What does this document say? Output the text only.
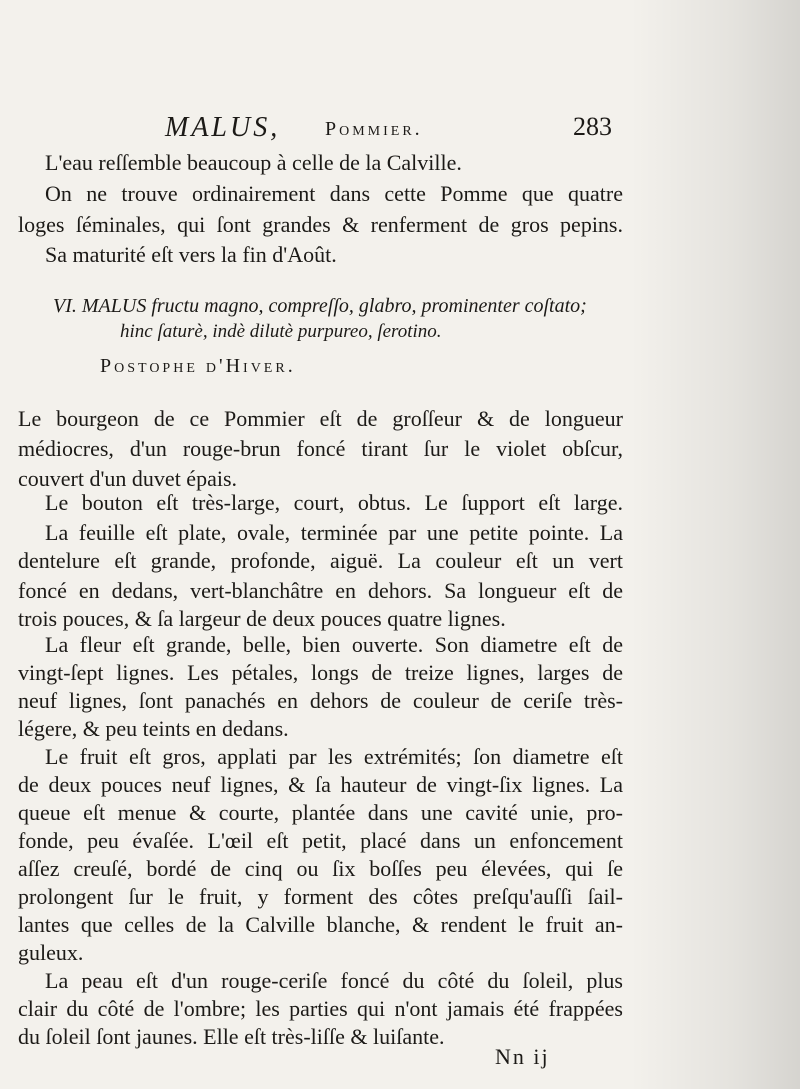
MALUS, Pommier.	283
L'eau reſſemble beaucoup à celle de la Calville.
On ne trouve ordinairement dans cette Pomme que quatre
loges ſéminales, qui ſont grandes & renferment de gros pepins.
Sa maturité eſt vers la fin d'Août.
VI. MALUS fructu magno, compreſſo, glabro, prominenter coſtato;
hinc ſaturè, indè dilutè purpureo, ſerotino.
Postophe d'Hiver.
Le bourgeon de ce Pommier eſt de groſſeur & de longueur
médiocres, d'un rouge-brun foncé tirant ſur le violet obſcur,
couvert d'un duvet épais.
Le bouton eſt très-large, court, obtus. Le ſupport eſt large.
La feuille eſt plate, ovale, terminée par une petite pointe. La
dentelure eſt grande, profonde, aiguë. La couleur eſt un vert
foncé en dedans, vert-blanchâtre en dehors. Sa longueur eſt de
trois pouces, & ſa largeur de deux pouces quatre lignes.
La fleur eſt grande, belle, bien ouverte. Son diametre eſt de
vingt-ſept lignes. Les pétales, longs de treize lignes, larges de
neuf lignes, ſont panachés en dehors de couleur de ceriſe très-
légere, & peu teints en dedans.
Le fruit eſt gros, applati par les extrémités; ſon diametre eſt
de deux pouces neuf lignes, & ſa hauteur de vingt-ſix lignes. La
queue eſt menue & courte, plantée dans une cavité unie, pro-
fonde, peu évaſée. L'œil eſt petit, placé dans un enfoncement
aſſez creuſé, bordé de cinq ou ſix boſſes peu élevées, qui ſe
prolongent ſur le fruit, y forment des côtes preſqu'auſſi ſail-
lantes que celles de la Calville blanche, & rendent le fruit an-
guleux.
La peau eſt d'un rouge-ceriſe foncé du côté du ſoleil, plus
clair du côté de l'ombre; les parties qui n'ont jamais été frappées
du ſoleil ſont jaunes. Elle eſt très-liſſe & luiſante.
Nn ij
